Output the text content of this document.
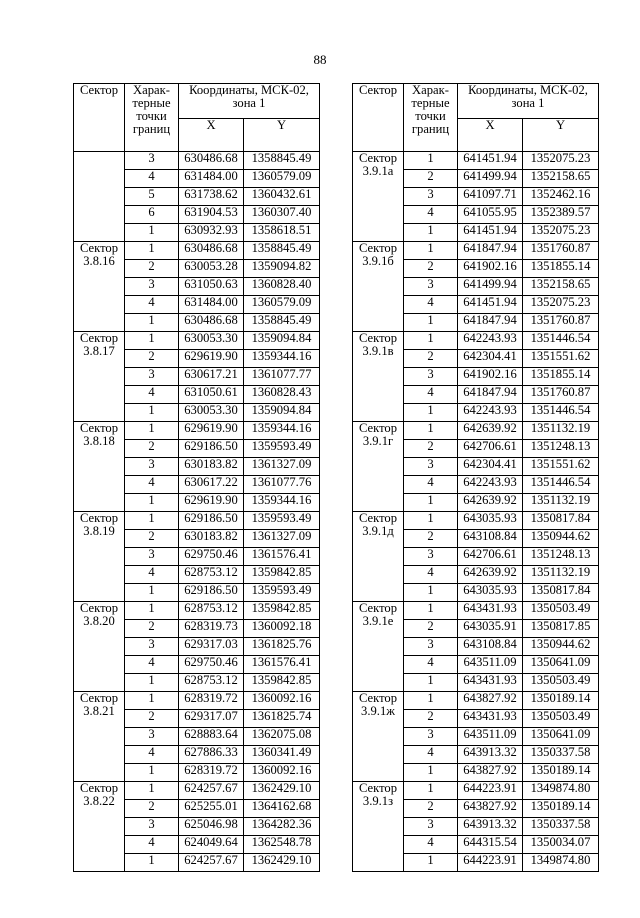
88
Сектор	Харак-терные точки границ	Координаты, МСК-02, зона 1	
		X	Y
	3	630486.68	1358845.49
	4	631484.00	1360579.09
	5	631738.62	1360432.61
	6	631904.53	1360307.40
	1	630932.93	1358618.51
Сектор 3.8.16	1	630486.68	1358845.49
	2	630053.28	1359094.82
	3	631050.63	1360828.40
	4	631484.00	1360579.09
	1	630486.68	1358845.49
Сектор 3.8.17	1	630053.30	1359094.84
	2	629619.90	1359344.16
	3	630617.21	1361077.77
	4	631050.61	1360828.43
	1	630053.30	1359094.84
Сектор 3.8.18	1	629619.90	1359344.16
	2	629186.50	1359593.49
	3	630183.82	1361327.09
	4	630617.22	1361077.76
	1	629619.90	1359344.16
Сектор 3.8.19	1	629186.50	1359593.49
	2	630183.82	1361327.09
	3	629750.46	1361576.41
	4	628753.12	1359842.85
	1	629186.50	1359593.49
Сектор 3.8.20	1	628753.12	1359842.85
	2	628319.73	1360092.18
	3	629317.03	1361825.76
	4	629750.46	1361576.41
	1	628753.12	1359842.85
Сектор 3.8.21	1	628319.72	1360092.16
	2	629317.07	1361825.74
	3	628883.64	1362075.08
	4	627886.33	1360341.49
	1	628319.72	1360092.16
Сектор 3.8.22	1	624257.67	1362429.10
	2	625255.01	1364162.68
	3	625046.98	1364282.36
	4	624049.64	1362548.78
	1	624257.67	1362429.10
Сектор	Харак-терные точки границ	Координаты, МСК-02, зона 1	
		X	Y
Сектор 3.9.1а	1	641451.94	1352075.23
	2	641499.94	1352158.65
	3	641097.71	1352462.16
	4	641055.95	1352389.57
	1	641451.94	1352075.23
Сектор 3.9.1б	1	641847.94	1351760.87
	2	641902.16	1351855.14
	3	641499.94	1352158.65
	4	641451.94	1352075.23
	1	641847.94	1351760.87
Сектор 3.9.1в	1	642243.93	1351446.54
	2	642304.41	1351551.62
	3	641902.16	1351855.14
	4	641847.94	1351760.87
	1	642243.93	1351446.54
Сектор 3.9.1г	1	642639.92	1351132.19
	2	642706.61	1351248.13
	3	642304.41	1351551.62
	4	642243.93	1351446.54
	1	642639.92	1351132.19
Сектор 3.9.1д	1	643035.93	1350817.84
	2	643108.84	1350944.62
	3	642706.61	1351248.13
	4	642639.92	1351132.19
	1	643035.93	1350817.84
Сектор 3.9.1е	1	643431.93	1350503.49
	2	643035.91	1350817.85
	3	643108.84	1350944.62
	4	643511.09	1350641.09
	1	643431.93	1350503.49
Сектор 3.9.1ж	1	643827.92	1350189.14
	2	643431.93	1350503.49
	3	643511.09	1350641.09
	4	643913.32	1350337.58
	1	643827.92	1350189.14
Сектор 3.9.1з	1	644223.91	1349874.80
	2	643827.92	1350189.14
	3	643913.32	1350337.58
	4	644315.54	1350034.07
	1	644223.91	1349874.80
